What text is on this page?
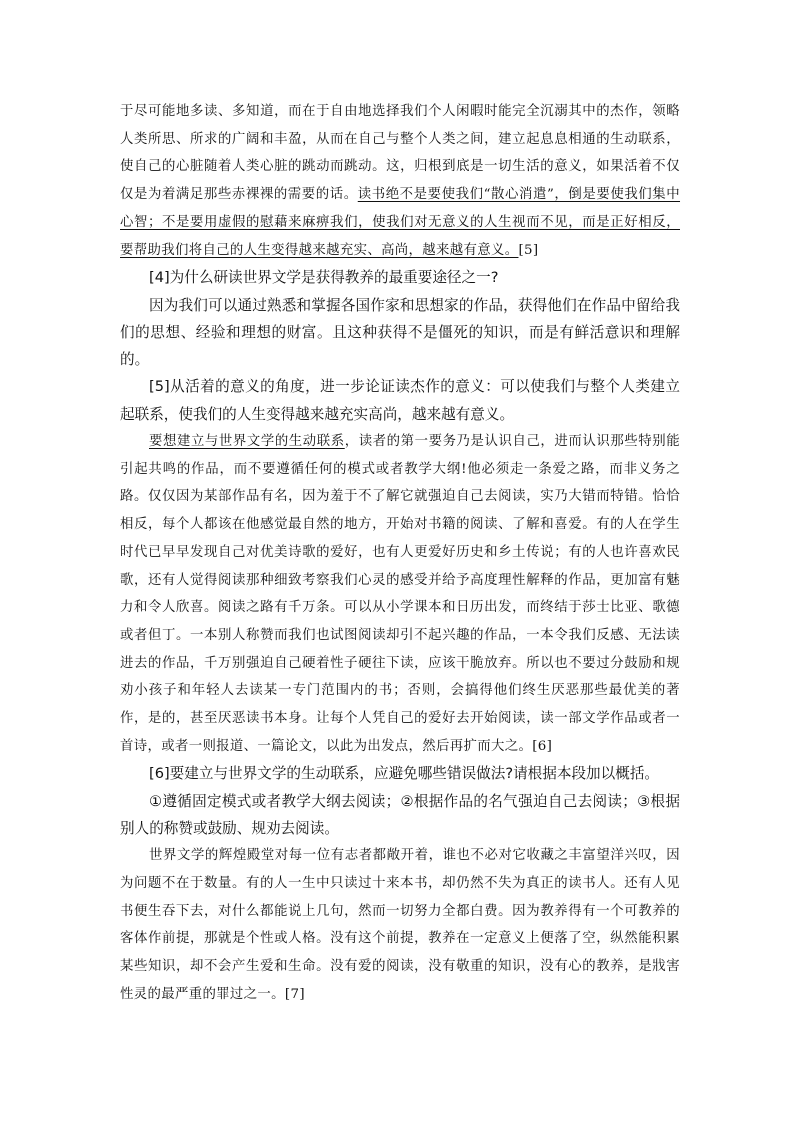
于尽可能地多读、多知道，而在于自由地选择我们个人闲暇时能完全沉溺其中的杰作，领略人类所思、所求的广阔和丰盈，从而在自己与整个人类之间，建立起息息相通的生动联系，使自己的心脏随着人类心脏的跳动而跳动。这，归根到底是一切生活的意义，如果活着不仅仅是为着满足那些赤裸裸的需要的话。读书绝不是要使我们“散心消遣”，倒是要使我们集中心智；不是要用虚假的慰藉来麻痹我们，使我们对无意义的人生视而不见，而是正好相反，要帮助我们将自己的人生变得越来越充实、高尚，越来越有意义。[5]

[4]为什么研读世界文学是获得教养的最重要途径之一?

因为我们可以通过熟悉和掌握各国作家和思想家的作品，获得他们在作品中留给我们的思想、经验和理想的财富。且这种获得不是僵死的知识，而是有鲜活意识和理解的。

[5]从活着的意义的角度，进一步论证读杰作的意义：可以使我们与整个人类建立起联系，使我们的人生变得越来越充实高尚，越来越有意义。

要想建立与世界文学的生动联系，读者的第一要务乃是认识自己，进而认识那些特别能引起共鸣的作品，而不要遵循任何的模式或者教学大纲!他必须走一条爱之路，而非义务之路。仅仅因为某部作品有名，因为羞于不了解它就强迫自己去阅读，实乃大错而特错。恰恰相反，每个人都该在他感觉最自然的地方，开始对书籍的阅读、了解和喜爱。有的人在学生时代已早早发现自己对优美诗歌的爱好，也有人更爱好历史和乡土传说；有的人也许喜欢民歌，还有人觉得阅读那种细致考察我们心灵的感受并给予高度理性解释的作品，更加富有魅力和令人欣喜。阅读之路有千万条。可以从小学课本和日历出发，而终结于莎士比亚、歌德或者但丁。一本别人称赞而我们也试图阅读却引不起兴趣的作品，一本令我们反感、无法读进去的作品，千万别强迫自己硬着性子硬往下读，应该干脆放弃。所以也不要过分鼓励和规劝小孩子和年轻人去读某一专门范围内的书；否则，会搞得他们终生厌恶那些最优美的著作，是的，甚至厌恶读书本身。让每个人凭自己的爱好去开始阅读，读一部文学作品或者一首诗，或者一则报道、一篇论文，以此为出发点，然后再扩而大之。[6]

[6]要建立与世界文学的生动联系，应避免哪些错误做法?请根据本段加以概括。

①遵循固定模式或者教学大纲去阅读；②根据作品的名气强迫自己去阅读；③根据别人的称赞或鼓励、规劝去阅读。

世界文学的辉煌殿堂对每一位有志者都敞开着，谁也不必对它收藏之丰富望洋兴叹，因为问题不在于数量。有的人一生中只读过十来本书，却仍然不失为真正的读书人。还有人见书便生吞下去，对什么都能说上几句，然而一切努力全都白费。因为教养得有一个可教养的客体作前提，那就是个性或人格。没有这个前提，教养在一定意义上便落了空，纵然能积累某些知识，却不会产生爱和生命。没有爱的阅读，没有敬重的知识，没有心的教养，是戕害性灵的最严重的罪过之一。[7]
